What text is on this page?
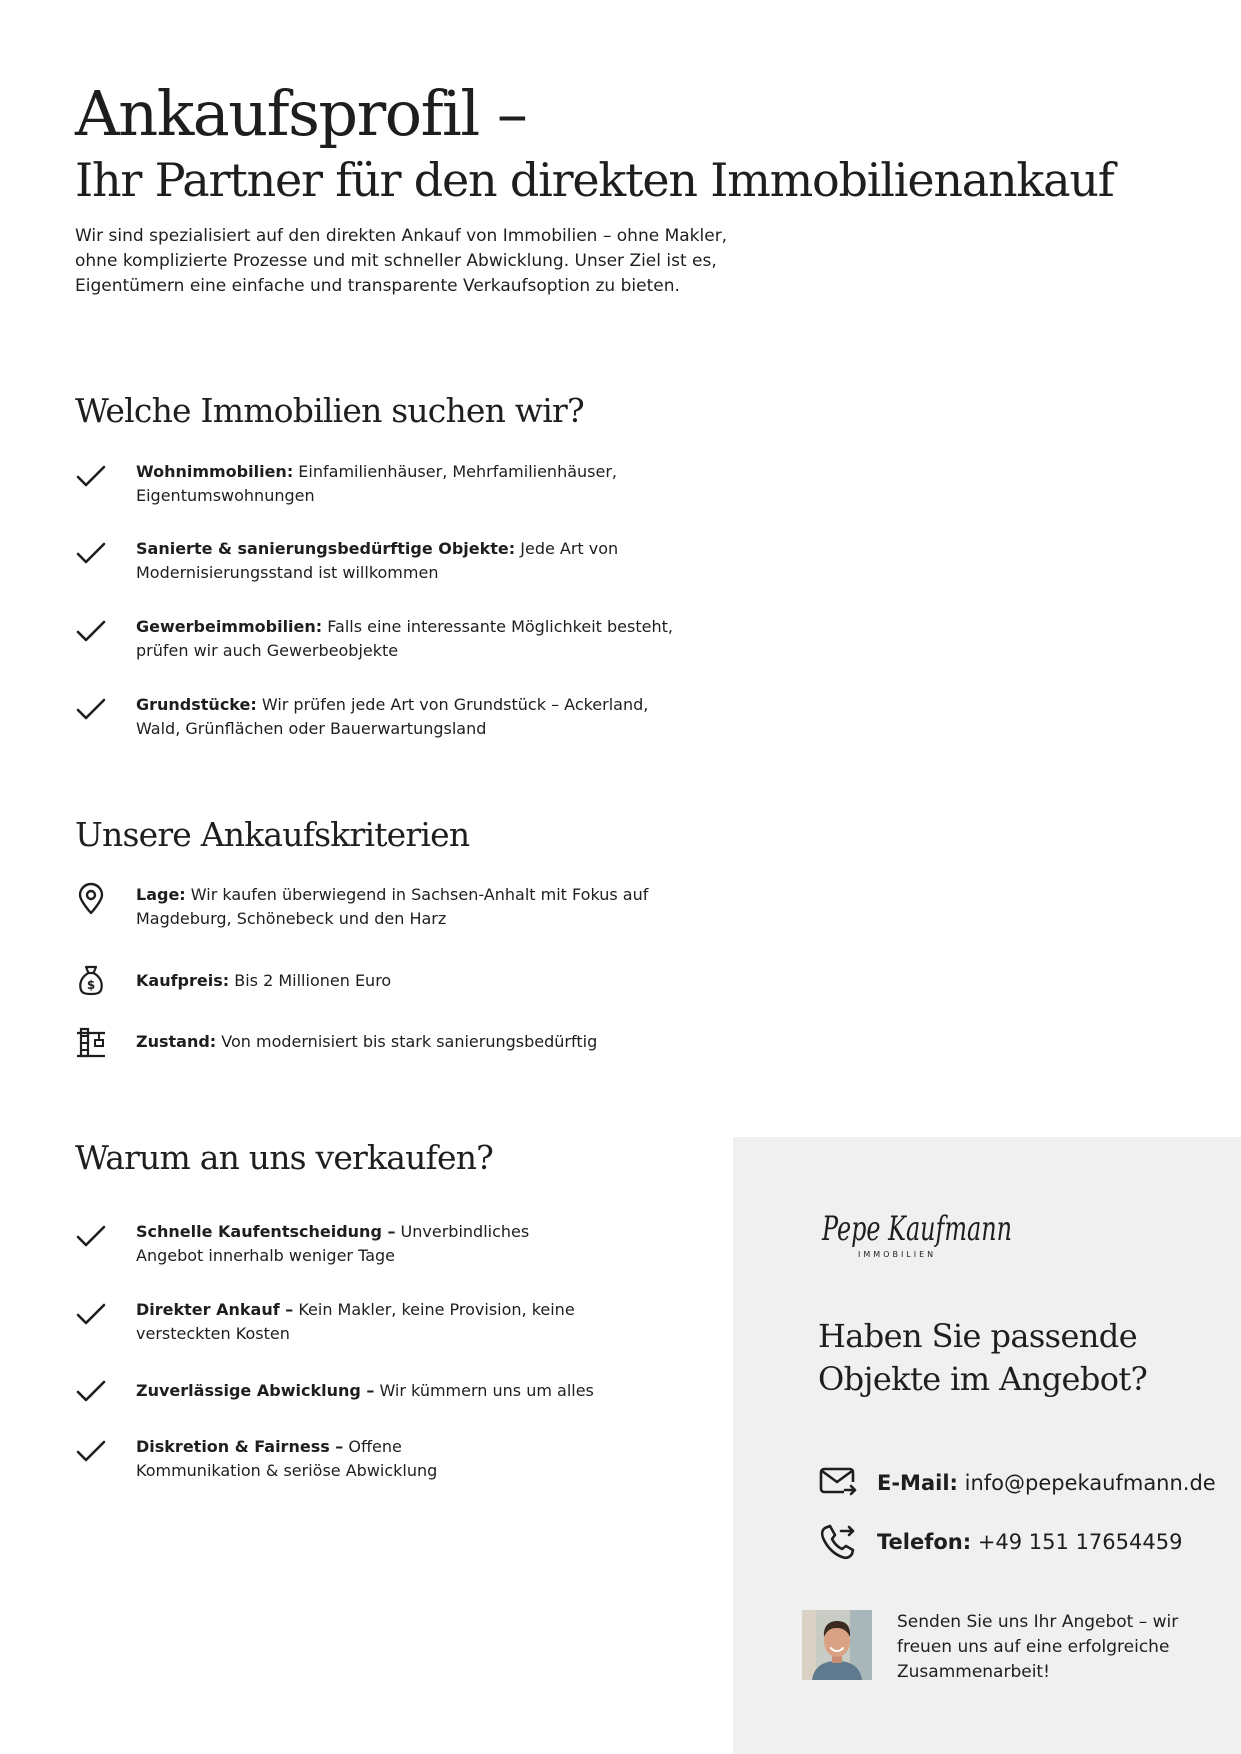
Ankaufsprofil –
Ihr Partner für den direkten Immobilienankauf

Wir sind spezialisiert auf den direkten Ankauf von Immobilien – ohne Makler, ohne komplizierte Prozesse und mit schneller Abwicklung. Unser Ziel ist es, Eigentümern eine einfache und transparente Verkaufsoption zu bieten.

Welche Immobilien suchen wir?
Wohnimmobilien: Einfamilienhäuser, Mehrfamilienhäuser, Eigentumswohnungen
Sanierte & sanierungsbedürftige Objekte: Jede Art von Modernisierungsstand ist willkommen
Gewerbeimmobilien: Falls eine interessante Möglichkeit besteht, prüfen wir auch Gewerbeobjekte
Grundstücke: Wir prüfen jede Art von Grundstück – Ackerland, Wald, Grünflächen oder Bauerwartungsland
Unsere Ankaufskriterien
Lage: Wir kaufen überwiegend in Sachsen-Anhalt mit Fokus auf Magdeburg, Schönebeck und den Harz
$	Kaufpreis: Bis 2 Millionen Euro
Zustand: Von modernisiert bis stark sanierungsbedürftig
Warum an uns verkaufen?
Schnelle Kaufentscheidung – Unverbindliches Angebot innerhalb weniger Tage
Direkter Ankauf – Kein Makler, keine Provision, keine versteckten Kosten
Zuverlässige Abwicklung – Wir kümmern uns um alles
Diskretion & Fairness – Offene Kommunikation & seriöse Abwicklung
Pepe Kaufmann
IMMOBILIEN
Haben Sie passende Objekte im Angebot?
E-Mail: info@pepekaufmann.de
Telefon: +49 151 17654459

Senden Sie uns Ihr Angebot – wir freuen uns auf eine erfolgreiche Zusammenarbeit!
